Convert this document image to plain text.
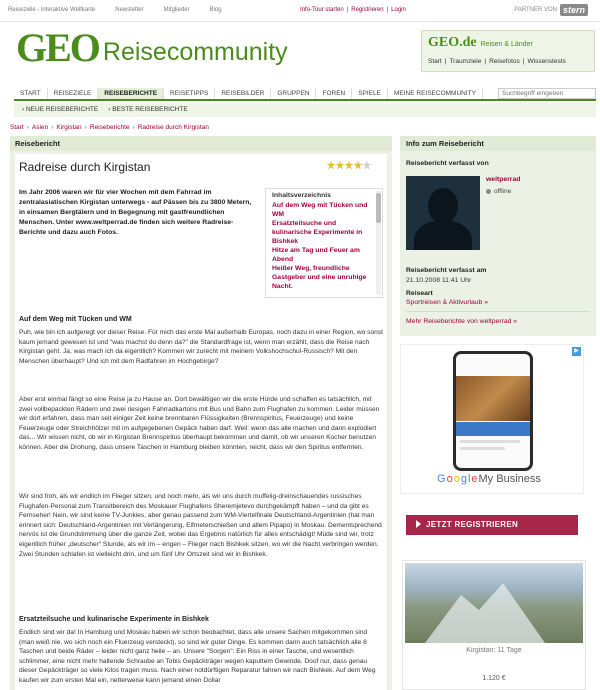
Reiseziele - interaktive Weltkarte	Newsletter	Mitglieder	Blog	Info-Tour starten | Registrieren | Login	PARTNER VON stern
GEO Reisecommunity	GEO.de Reisen & Länder
Start | Traumziele | Reisefotos | Wissenstests
START	REISEZIELE	REISEBERICHTE	REISETIPPS	REISEBILDER	GRUPPEN	FOREN	SPIELE	MEINE REISECOMMUNITY
Suchbegriff eingeben
› NEUE REISEBERICHTE › BESTE REISEBERICHTE
Start › Asien › Kirgistan › Reiseberichte › Radreise durch Kirgistan
Reisebericht
Radreise durch Kirgistan
Im Jahr 2006 waren wir für vier Wochen mit dem Fahrrad im zentralasiatischen Kirgistan unterwegs - auf Pässen bis zu 3800 Metern, in einsamen Bergtälern und in Begegnung mit gastfreundlichen Menschen. Unter www.weltperrad.de finden sich weitere Radreise-Berichte und dazu auch Fotos.
Inhaltsverzeichnis
Auf dem Weg mit Tücken und WM
Ersatzteilsuche und kulinarische Experimente in Bishkek
Hitze am Tag und Feuer am Abend
Heißer Weg, freundliche Gastgeber und eine unruhige Nacht.
Auf dem Weg mit Tücken und WM
Puh, wie bin ich aufgeregt vor dieser Reise. Für mich das erste Mal außerhalb Europas, noch dazu in einer Region, wo sonst kaum jemand gewesen ist und "was machst du denn da?" die Standardfrage ist, wenn man erzählt, dass die Reise nach Kirgistan geht. Ja, was mach ich da eigentlich? Kommen wir zurecht mit meinem Volkshochschul-Russisch? Mit den Menschen überhaupt? Und ich mit dem Radfahren im Hochgebirge?
Aber erst einmal fängt so eine Reise ja zu Hause an. Dort bewältigen wir die erste Hürde und schaffen es tatsächlich, mit zwei vollbepackten Rädern und zwei riesigen Fahrradkartons mit Bus und Bahn zum Flughafen zu kommen. Leider müssen wir dort erfahren, dass man seit einiger Zeit keine brennbaren Flüssigkeiten (Brennspiritus, Feuerzeuge) und keine Feuerzeuge oder Streichhölzer mit im aufgegebenen Gepäck haben darf. Weil: wenn das alle machen und dann explodiert das... Wir wissen nicht, ob wir in Kirgistan Brennspiritus überhaupt bekommen und damit, ob wir unseren Kocher benutzen können. Aber die Drohung, dass unsere Taschen in Hamburg bleiben könnten, reicht, dass wir den Spiritus entfernten.
Wir sind froh, als wir endlich im Flieger sitzen, und noch mehr, als wir uns durch muffelig-dreinschauendes russisches Flughafen-Personal zum Transitbereich des Moskauer Flughafens Sheremjetevo durchgekämpft haben – und da gibt es Fernseher! Nein, wir sind keine TV-Junkies, aber genau passend zum WM-Viertelfinale Deutschland-Argentinien (hat man erinnert sich: Deutschland-Argentinien mit Verlängerung, Elfmeterschießen und allem Pipapo) in Moskau. Dementsprechend nervös ist die Grundstimmung über die ganze Zeit, wobei das Ergebnis natürlich für alles entschädigt! Müde sind wir, trotz eigentlich früher „deutscher“ Stunde, als wir im – engen – Flieger nach Bishkek sitzen, wo wir die Nacht verbringen werden. Zwei Stunden schlafen ist vielleicht drin, und um fünf Uhr Ortszeit sind wir in Bishkek.
Ersatzteilsuche und kulinarische Experimente in Bishkek
Endlich sind wir da! In Hamburg und Moskau haben wir schon beobachtet, dass alle unsere Sachen mitgekommen sind (man weiß nie, wo sich noch ein Fluerzeug versteckt), so sind wir guter Dinge. Es kommen dann auch tatsächlich alle 8 Taschen und beide Räder – leider nicht ganz heile – an. Unsere "Sorgen": Ein Riss in einer Tasche, und wesentlich schlimmer, eine nicht mehr haltende Schraube an Tobis Gepäckträger wegen kaputtem Gewinde. Doof nur, dass genau dieser Gepäckträger so viele Kilos tragen muss. Nach einer notdürftigen Reparatur fahren wir nach Bishkek. Auf dem Weg kaufen wir zum ersten Mal ein, netterweise kann jemand einen Dollar
Info zum Reisebericht
Reisebericht verfasst von
weltperrad
offline
Reisebericht verfasst am
21.10.2008 11:41 Uhr
Reiseart
Sportreisen & Aktivurlaub »
Mehr Reiseberichte von weltperrad »
▶
G o o g l e My Business
JETZT REGISTRIEREN
Kirgistan: 11 Tage
1.120 €
